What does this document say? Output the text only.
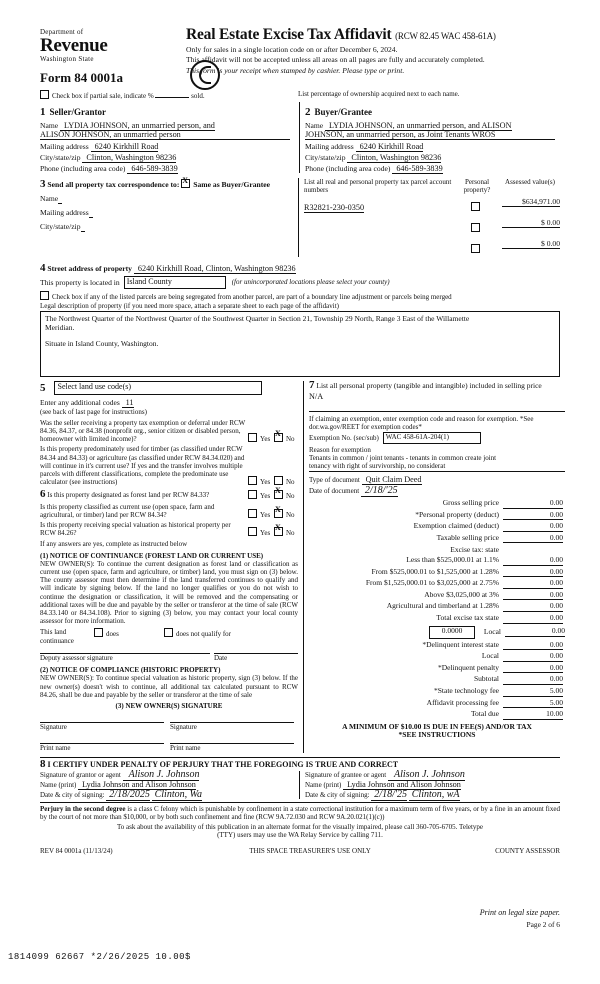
Department of
Revenue
Washington State
Form 84 0001a
Real Estate Excise Tax Affidavit (RCW 82.45 WAC 458-61A)

Only for sales in a single location code on or after December 6, 2024.

This affidavit will not be accepted unless all areas on all pages are fully and accurately completed.

This form is your receipt when stamped by cashier. Please type or print.

Check box if partial sale, indicate %	sold.	List percentage of ownership acquired next to each name.
1 Seller/Grantor
Name LYDIA JOHNSON, an unmarried person, and
ALISON JOHNSON, an unmarried person
Mailing address 6240 Kirkhill Road
City/state/zip Clinton, Washington 98236
Phone (including area code) 646-589-3839
2 Buyer/Grantee
Name LYDIA JOHNSON, an unmarried person, and ALISON
JOHNSON, an unmarried person, as Joint Tenants WROS
Mailing address 6240 Kirkhill Road
City/state/zip Clinton, Washington 98236
Phone (including area code) 646-589-3839
3 Send all property tax correspondence to: X Same as Buyer/Grantee
Name
Mailing address
City/state/zip
List all real and personal property tax parcel account numbers
Personal property?
Assessed value(s)
R32821-230-0350
$634,971.00
$ 0.00
$ 0.00
4 Street address of property 6240 Kirkhill Road, Clinton, Washington 98236
This property is located in Island County	(for unincorporated locations please select your county)
Check box if any of the listed parcels are being segregated from another parcel, are part of a boundary line adjustment or parcels being merged
Legal description of property (if you need more space, attach a separate sheet to each page of the affidavit)
The Northwest Quarter of the Northwest Quarter of the Southwest Quarter in Section 21, Township 29 North, Range 3 East of the Willamette
Meridian.
Situate in Island County, Washington.
5	Select land use code(s)
Enter any additional codes 11
(see back of last page for instructions)
Was the seller receiving a property tax exemption or deferral under RCW 84.36, 84.37, or 84.38 (nonprofit org., senior citizen or disabled person, homeowner with limited income)?	Yes X No
Is this property predominately used for timber (as classified under RCW 84.34 and 84.33) or agriculture (as classified under RCW 84.34.020) and will continue in it's current use? If yes and the transfer involves multiple parcels with different classifications, complete the predominate use calculator (see instructions)	Yes No
6 Is this property designated as forest land per RCW 84.33?	Yes X No
Is this property classified as current use (open space, farm and agricultural, or timber) land per RCW 84.34?	Yes X No
Is this property receiving special valuation as historical property per RCW 84.26?	Yes X No
If any answers are yes, complete as instructed below
(1) NOTICE OF CONTINUANCE (FOREST LAND OR CURRENT USE)
NEW OWNER(S): To continue the current designation as forest land or classification as current use (open space, farm and agriculture, or timber) land, you must sign on (3) below. The county assessor must then determine if the land transferred continues to qualify and will indicate by signing below. If the land no longer qualifies or you do not wish to continue the designation or classification, it will be removed and the compensating or additional taxes will be due and payable by the seller or transferor at the time of sale (RCW 84.33.140 or 84.34.108). Prior to signing (3) below, you may contact your local county assessor for more information.
This land
continuance
does	does not qualify for
Deputy assessor signature	Date
(2) NOTICE OF COMPLIANCE (HISTORIC PROPERTY)
NEW OWNER(S): To continue special valuation as historic property, sign (3) below. If the new owner(s) doesn't wish to continue, all additional tax calculated pursuant to RCW 84.26, shall be due and payable by the seller or transferor at the time of sale
(3) NEW OWNER(S) SIGNATURE
Signature	Signature
Print name	Print name
7 List all personal property (tangible and intangible) included in selling price
N/A
If claiming an exemption, enter exemption code and reason for exemption. *See dor.wa.gov/REET for exemption codes*
Exemption No. (sec/sub)	WAC 458-61A-204(1)
Reason for exemption
Tenants in common / joint tenants - tenants in common create joint
tenancy with right of survivorship, no considerat
Type of document Quit Claim Deed
Date of document 2/18/'25
Gross selling price	0.00
*Personal property (deduct)	0.00
Exemption claimed (deduct)	0.00
Taxable selling price	0.00
Excise tax: state
Less than $525,000.01 at 1.1%	0.00
From $525,000.01 to $1,525,000 at 1.28%	0.00
From $1,525,000.01 to $3,025,000 at 2.75%	0.00
Above $3,025,000 at 3%	0.00
Agricultural and timberland at 1.28%	0.00
Total excise tax state	0.00
0.0000	Local	0.00
*Delinquent interest state	0.00
Local	0.00
*Delinquent penalty	0.00
Subtotal	0.00
*State technology fee	5.00
Affidavit processing fee	5.00
Total due	10.00
A MINIMUM OF $10.00 IS DUE IN FEE(S) AND/OR TAX
*SEE INSTRUCTIONS
8 I CERTIFY UNDER PENALTY OF PERJURY THAT THE FOREGOING IS TRUE AND CORRECT
Signature of grantor or agent Alison J. Johnson
Name (print) Lydia Johnson and Alison Johnson
Date & city of signing: 2/18/2025 Clinton, Wa
Signature of grantee or agent Alison J. Johnson
Name (print) Lydia Johnson and Alison Johnson
Date & city of signing: 2/18/'25 Clinton, wA
Perjury in the second degree is a class C felony which is punishable by confinement in a state correctional institution for a maximum term of five years, or by a fine in an amount fixed by the court of not more than $10,000, or by both such confinement and fine (RCW 9A.72.030 and RCW 9A.20.021(1)(c))
To ask about the availability of this publication in an alternate format for the visually impaired, please call 360-705-6705. Teletype
(TTY) users may use the WA Relay Service by calling 711.
REV 84 0001a (11/13/24)	THIS SPACE TREASURER'S USE ONLY	COUNTY ASSESSOR
Print on legal size paper.
Page 2 of 6
1814099 62667 *2/26/2025 10.00$
